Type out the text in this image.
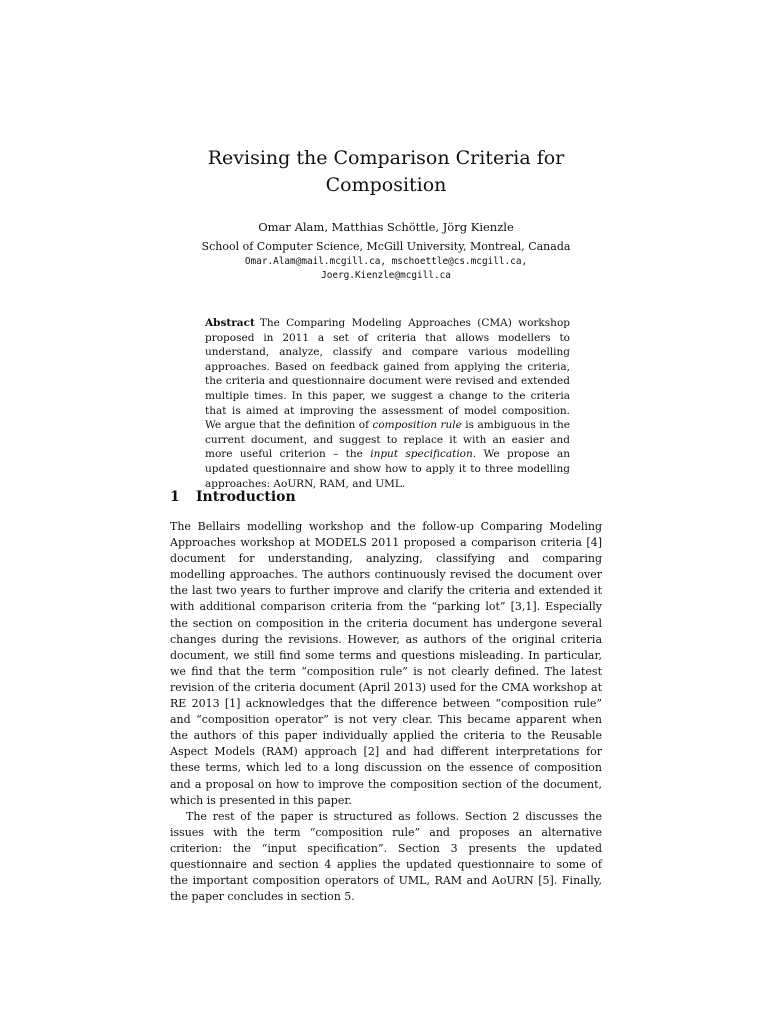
Revising the Comparison Criteria for Composition
Omar Alam, Matthias Schöttle, Jörg Kienzle
School of Computer Science, McGill University, Montreal, Canada
Omar.Alam@mail.mcgill.ca, mschoettle@cs.mcgill.ca,
Joerg.Kienzle@mcgill.ca

Abstract The Comparing Modeling Approaches (CMA) workshop proposed in 2011 a set of criteria that allows modellers to understand, analyze, classify and compare various modelling approaches. Based on feedback gained from applying the criteria, the criteria and questionnaire document were revised and extended multiple times. In this paper, we suggest a change to the criteria that is aimed at improving the assessment of model composition. We argue that the definition of composition rule is ambiguous in the current document, and suggest to replace it with an easier and more useful criterion – the input specification. We propose an updated questionnaire and show how to apply it to three modelling approaches: AoURN, RAM, and UML.

1 Introduction

The Bellairs modelling workshop and the follow-up Comparing Modeling Approaches workshop at MODELS 2011 proposed a comparison criteria [4] document for understanding, analyzing, classifying and comparing modelling approaches. The authors continuously revised the document over the last two years to further improve and clarify the criteria and extended it with additional comparison criteria from the “parking lot” [3,1]. Especially the section on composition in the criteria document has undergone several changes during the revisions. However, as authors of the original criteria document, we still find some terms and questions misleading. In particular, we find that the term “composition rule” is not clearly defined. The latest revision of the criteria document (April 2013) used for the CMA workshop at RE 2013 [1] acknowledges that the difference between “composition rule” and “composition operator” is not very clear. This became apparent when the authors of this paper individually applied the criteria to the Reusable Aspect Models (RAM) approach [2] and had different interpretations for these terms, which led to a long discussion on the essence of composition and a proposal on how to improve the composition section of the document, which is presented in this paper.

The rest of the paper is structured as follows. Section 2 discusses the issues with the term “composition rule” and proposes an alternative criterion: the “input specification”. Section 3 presents the updated questionnaire and section 4 applies the updated questionnaire to some of the important composition operators of UML, RAM and AoURN [5]. Finally, the paper concludes in section 5.
